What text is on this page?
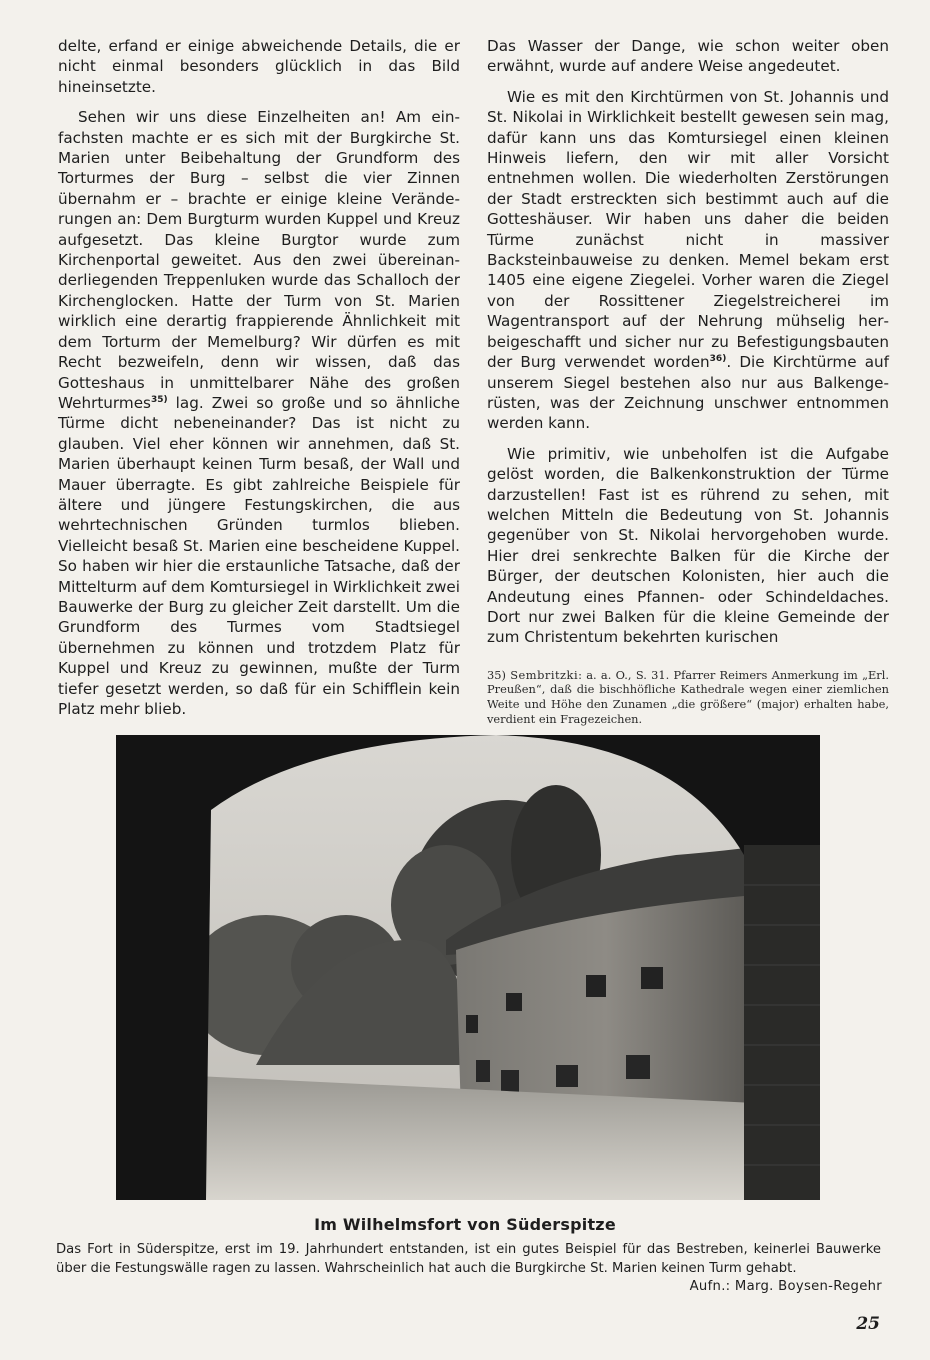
delte, erfand er einige abweichende Details, die er nicht einmal besonders glücklich in das Bild hineinsetzte.

Sehen wir uns diese Einzelheiten an! Am einfachsten machte er es sich mit der Burgkirche St. Marien unter Beibehaltung der Grundform des Torturmes der Burg – selbst die vier Zinnen übernahm er – brachte er einige kleine Veränderungen an: Dem Burgturm wurden Kuppel und Kreuz aufgesetzt. Das kleine Burgtor wurde zum Kirchenportal geweitet. Aus den zwei übereinanderliegenden Treppenluken wurde das Schalloch der Kirchenglocken. Hatte der Turm von St. Marien wirklich eine derartig frappierende Ähnlichkeit mit dem Torturm der Memelburg? Wir dürfen es mit Recht bezweifeln, denn wir wissen, daß das Gotteshaus in unmittelbarer Nähe des großen Wehrturmes$^{35)}$ lag. Zwei so große und so ähnliche Türme dicht nebeneinander? Das ist nicht zu glauben. Viel eher können wir annehmen, daß St. Marien überhaupt keinen Turm besaß, der Wall und Mauer überragte. Es gibt zahlreiche Beispiele für ältere und jüngere Festungskirchen, die aus wehrtechnischen Gründen turmlos blieben. Vielleicht besaß St. Marien eine bescheidene Kuppel. So haben wir hier die erstaunliche Tatsache, daß der Mittelturm auf dem Komtursiegel in Wirklichkeit zwei Bauwerke der Burg zu gleicher Zeit darstellt. Um die Grundform des Turmes vom Stadtsiegel übernehmen zu können und trotzdem Platz für Kuppel und Kreuz zu gewinnen, mußte der Turm tiefer gesetzt werden, so daß für ein Schifflein kein Platz mehr blieb.

Das Wasser der Dange, wie schon weiter oben erwähnt, wurde auf andere Weise angedeutet.

Wie es mit den Kirchtürmen von St. Johannis und St. Nikolai in Wirklichkeit bestellt gewesen sein mag, dafür kann uns das Komtursiegel einen kleinen Hinweis liefern, den wir mit aller Vorsicht entnehmen wollen. Die wiederholten Zerstörungen der Stadt erstreckten sich bestimmt auch auf die Gotteshäuser. Wir haben uns daher die beiden Türme zunächst nicht in massiver Backsteinbauweise zu denken. Memel bekam erst 1405 eine eigene Ziegelei. Vorher waren die Ziegel von der Rossittener Ziegelstreicherei im Wagentransport auf der Nehrung mühselig herbeigeschafft und sicher nur zu Befestigungsbauten der Burg verwendet worden$^{36)}$. Die Kirchtürme auf unserem Siegel bestehen also nur aus Balkengerüsten, was der Zeichnung unschwer entnommen werden kann.

Wie primitiv, wie unbeholfen ist die Aufgabe gelöst worden, die Balkenkonstruktion der Türme darzustellen! Fast ist es rührend zu sehen, mit welchen Mitteln die Bedeutung von St. Johannis gegenüber von St. Nikolai hervorgehoben wurde. Hier drei senkrechte Balken für die Kirche der Bürger, der deutschen Kolonisten, hier auch die Andeutung eines Pfannen- oder Schindeldaches. Dort nur zwei Balken für die kleine Gemeinde der zum Christentum bekehrten kurischen

35) Sembritzki: a. a. O., S. 31. Pfarrer Reimers Anmerkung im „Erl. Preußen“, daß die bischhöfliche Kathedrale wegen einer ziemlichen Weite und Höhe den Zunamen „die größere“ (major) erhalten habe, verdient ein Fragezeichen.

Im Wilhelmsfort von Süderspitze
Das Fort in Süderspitze, erst im 19. Jahrhundert entstanden, ist ein gutes Beispiel für das Bestreben, keinerlei Bauwerke über die Festungswälle ragen zu lassen. Wahrscheinlich hat auch die Burgkirche St. Marien keinen Turm gehabt.
Aufn.: Marg. Boysen-Regehr
25
